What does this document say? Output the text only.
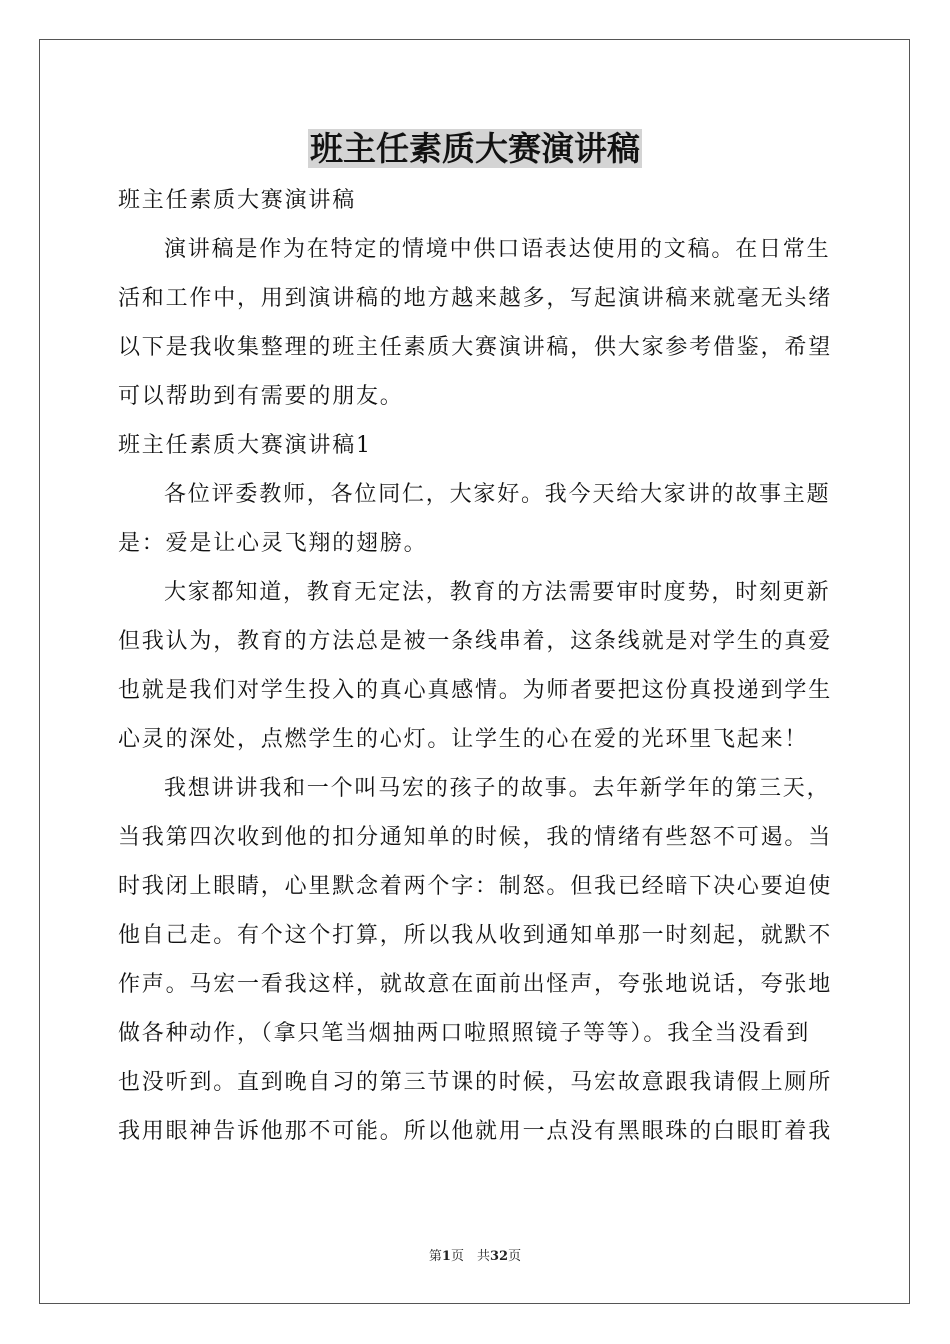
班主任素质大赛演讲稿
班主任素质大赛演讲稿
演讲稿是作为在特定的情境中供口语表达使用的文稿。在日常生
活和工作中，用到演讲稿的地方越来越多，写起演讲稿来就毫无头绪
以下是我收集整理的班主任素质大赛演讲稿，供大家参考借鉴，希望
可以帮助到有需要的朋友。
班主任素质大赛演讲稿1
各位评委教师，各位同仁，大家好。我今天给大家讲的故事主题
是：爱是让心灵飞翔的翅膀。
大家都知道，教育无定法，教育的方法需要审时度势，时刻更新
但我认为，教育的方法总是被一条线串着，这条线就是对学生的真爱
也就是我们对学生投入的真心真感情。为师者要把这份真投递到学生
心灵的深处，点燃学生的心灯。让学生的心在爱的光环里飞起来！
我想讲讲我和一个叫马宏的孩子的故事。去年新学年的第三天，
当我第四次收到他的扣分通知单的时候，我的情绪有些怒不可遏。当
时我闭上眼睛，心里默念着两个字：制怒。但我已经暗下决心要迫使
他自己走。有个这个打算，所以我从收到通知单那一时刻起，就默不
作声。马宏一看我这样，就故意在面前出怪声，夸张地说话，夸张地
做各种动作，（拿只笔当烟抽两口啦照照镜子等等）。我全当没看到
也没听到。直到晚自习的第三节课的时候，马宏故意跟我请假上厕所
我用眼神告诉他那不可能。所以他就用一点没有黑眼珠的白眼盯着我
第1页　共32页
